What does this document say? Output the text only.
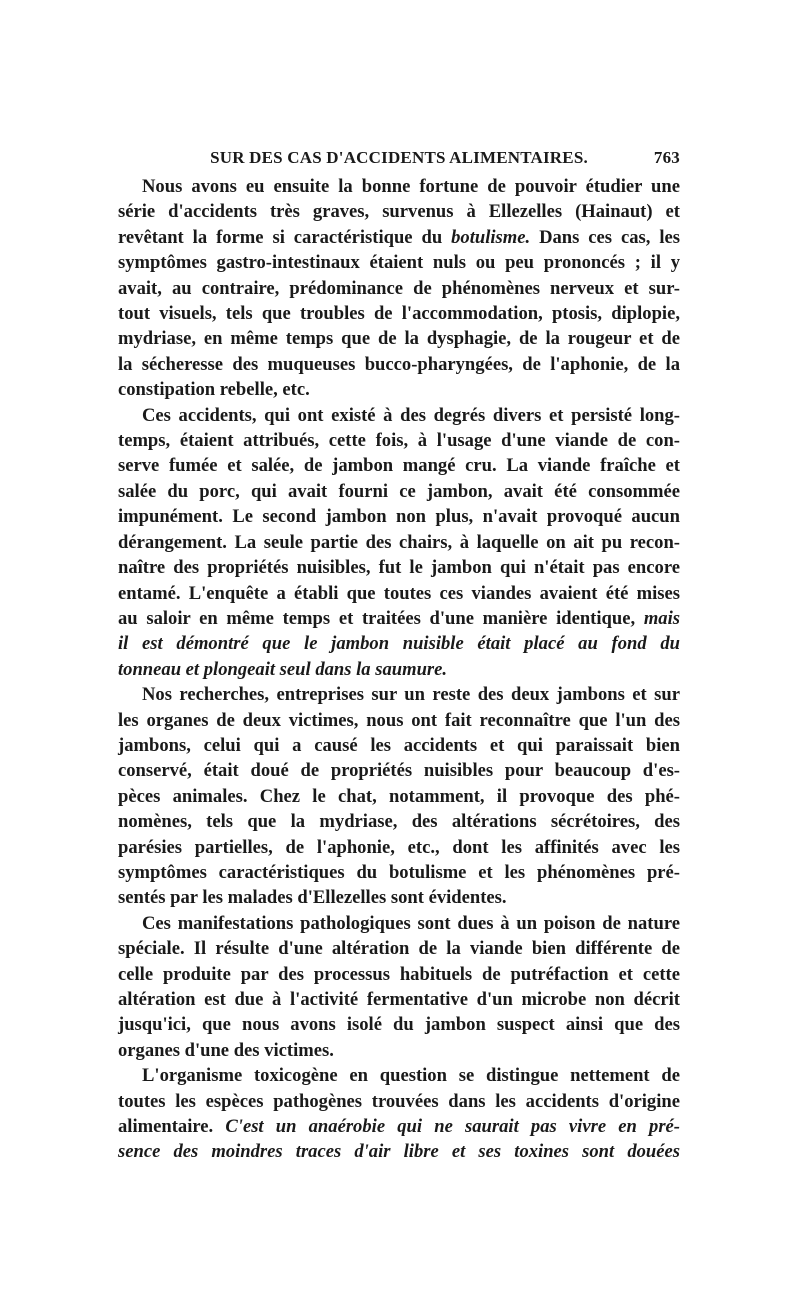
SUR DES CAS D'ACCIDENTS ALIMENTAIRES.	763

Nous avons eu ensuite la bonne fortune de pouvoir étudier une
série d'accidents très graves, survenus à Ellezelles (Hainaut) et
revêtant la forme si caractéristique du botulisme. Dans ces cas, les
symptômes gastro-intestinaux étaient nuls ou peu prononcés ; il y
avait, au contraire, prédominance de phénomènes nerveux et sur-
tout visuels, tels que troubles de l'accommodation, ptosis, diplopie,
mydriase, en même temps que de la dysphagie, de la rougeur et de
la sécheresse des muqueuses bucco-pharyngées, de l'aphonie, de la
constipation rebelle, etc.

Ces accidents, qui ont existé à des degrés divers et persisté long-
temps, étaient attribués, cette fois, à l'usage d'une viande de con-
serve fumée et salée, de jambon mangé cru. La viande fraîche et
salée du porc, qui avait fourni ce jambon, avait été consommée
impunément. Le second jambon non plus, n'avait provoqué aucun
dérangement. La seule partie des chairs, à laquelle on ait pu recon-
naître des propriétés nuisibles, fut le jambon qui n'était pas encore
entamé. L'enquête a établi que toutes ces viandes avaient été mises
au saloir en même temps et traitées d'une manière identique, mais
il est démontré que le jambon nuisible était placé au fond du
tonneau et plongeait seul dans la saumure.

Nos recherches, entreprises sur un reste des deux jambons et sur
les organes de deux victimes, nous ont fait reconnaître que l'un des
jambons, celui qui a causé les accidents et qui paraissait bien
conservé, était doué de propriétés nuisibles pour beaucoup d'es-
pèces animales. Chez le chat, notamment, il provoque des phé-
nomènes, tels que la mydriase, des altérations sécrétoires, des
parésies partielles, de l'aphonie, etc., dont les affinités avec les
symptômes caractéristiques du botulisme et les phénomènes pré-
sentés par les malades d'Ellezelles sont évidentes.

Ces manifestations pathologiques sont dues à un poison de nature
spéciale. Il résulte d'une altération de la viande bien différente de
celle produite par des processus habituels de putréfaction et cette
altération est due à l'activité fermentative d'un microbe non décrit
jusqu'ici, que nous avons isolé du jambon suspect ainsi que des
organes d'une des victimes.

L'organisme toxicogène en question se distingue nettement de
toutes les espèces pathogènes trouvées dans les accidents d'origine
alimentaire. C'est un anaérobie qui ne saurait pas vivre en pré-
sence des moindres traces d'air libre et ses toxines sont douées
